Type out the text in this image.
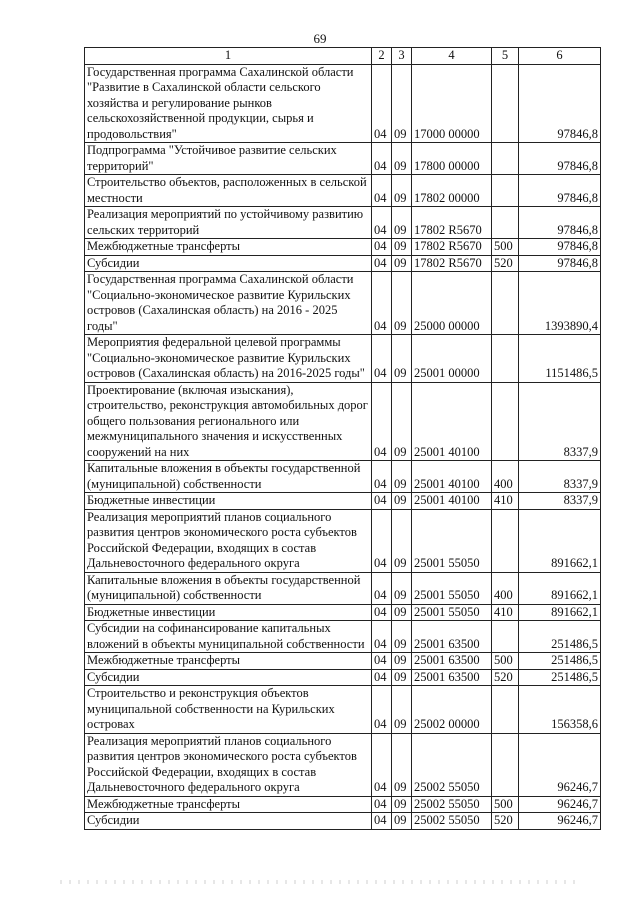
69
1	2	3	4	5	6
Государственная программа Сахалинской области "Развитие в Сахалинской области сельского хозяйства и регулирование рынков сельскохозяйственной продукции, сырья и продовольствия"	04	09	17000 00000		97846,8
Подпрограмма "Устойчивое развитие сельских территорий"	04	09	17800 00000		97846,8
Строительство объектов, расположенных в сельской местности	04	09	17802 00000		97846,8
Реализация мероприятий по устойчивому развитию сельских территорий	04	09	17802 R5670		97846,8
Межбюджетные трансферты	04	09	17802 R5670	500	97846,8
Субсидии	04	09	17802 R5670	520	97846,8
Государственная программа Сахалинской области "Социально-экономическое развитие Курильских островов (Сахалинская область) на 2016 - 2025 годы"	04	09	25000 00000		1393890,4
Мероприятия федеральной целевой программы "Социально-экономическое развитие Курильских островов (Сахалинская область) на 2016-2025 годы"	04	09	25001 00000		1151486,5
Проектирование (включая изыскания), строительство, реконструкция автомобильных дорог общего пользования регионального или межмуниципального значения и искусственных сооружений на них	04	09	25001 40100		8337,9
Капитальные вложения в объекты государственной (муниципальной) собственности	04	09	25001 40100	400	8337,9
Бюджетные инвестиции	04	09	25001 40100	410	8337,9
Реализация мероприятий планов социального развития центров экономического роста субъектов Российской Федерации, входящих в состав Дальневосточного федерального округа	04	09	25001 55050		891662,1
Капитальные вложения в объекты государственной (муниципальной) собственности	04	09	25001 55050	400	891662,1
Бюджетные инвестиции	04	09	25001 55050	410	891662,1
Субсидии на софинансирование капитальных вложений в объекты муниципальной собственности	04	09	25001 63500		251486,5
Межбюджетные трансферты	04	09	25001 63500	500	251486,5
Субсидии	04	09	25001 63500	520	251486,5
Строительство и реконструкция объектов муниципальной собственности на Курильских островах	04	09	25002 00000		156358,6
Реализация мероприятий планов социального развития центров экономического роста субъектов Российской Федерации, входящих в состав Дальневосточного федерального округа	04	09	25002 55050		96246,7
Межбюджетные трансферты	04	09	25002 55050	500	96246,7
Субсидии	04	09	25002 55050	520	96246,7
